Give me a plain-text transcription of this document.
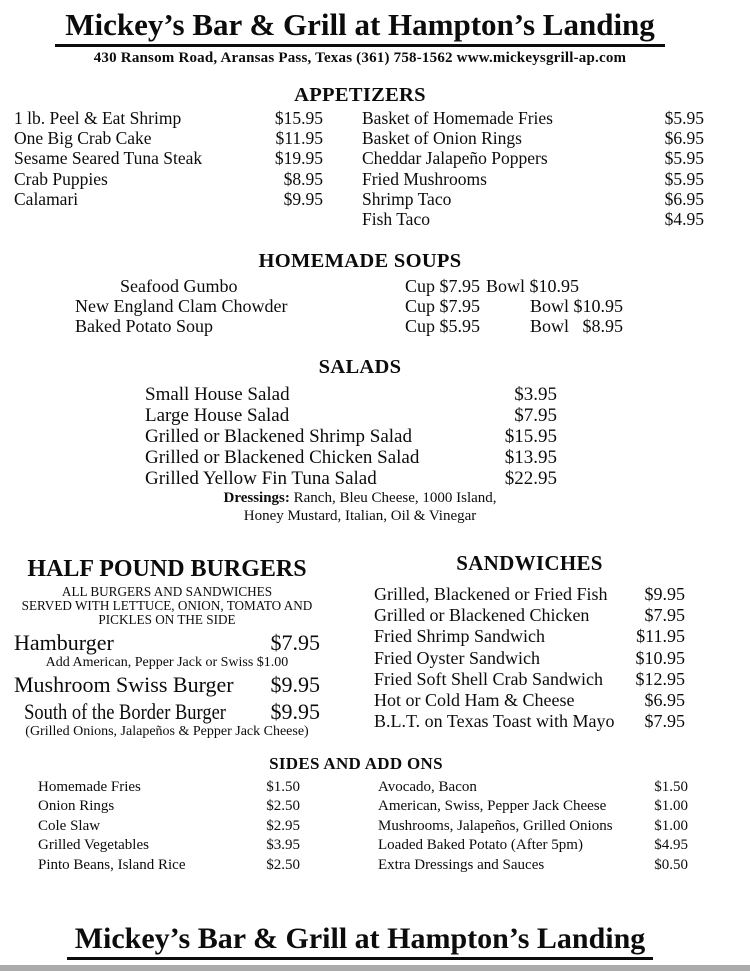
Mickey’s Bar & Grill at Hampton’s Landing
430 Ransom Road, Aransas Pass, Texas (361) 758-1562 www.mickeysgrill-ap.com
APPETIZERS
1 lb. Peel & Eat Shrimp	$15.95
One Big Crab Cake	$11.95
Sesame Seared Tuna Steak	$19.95
Crab Puppies	$8.95
Calamari	$9.95
Basket of Homemade Fries	$5.95
Basket of Onion Rings	$6.95
Cheddar Jalapeño Poppers	$5.95
Fried Mushrooms	$5.95
Shrimp Taco	$6.95
Fish Taco	$4.95
HOMEMADE SOUPS
Seafood Gumbo	Cup $7.95 Bowl $10.95
New England Clam Chowder	Cup $7.95	Bowl $10.95
Baked Potato Soup	Cup $5.95	Bowl   $8.95
SALADS
Small House Salad	$3.95
Large House Salad	$7.95
Grilled or Blackened Shrimp Salad	$15.95
Grilled or Blackened Chicken Salad	$13.95
Grilled Yellow Fin Tuna Salad	$22.95
Dressings: Ranch, Bleu Cheese, 1000 Island,
Honey Mustard, Italian, Oil & Vinegar
HALF POUND BURGERS
ALL BURGERS AND SANDWICHES
SERVED WITH LETTUCE, ONION, TOMATO AND
PICKLES ON THE SIDE
Hamburger	$7.95
Add American, Pepper Jack or Swiss $1.00
Mushroom Swiss Burger $9.95
South of the Border Burger $9.95
(Grilled Onions, Jalapeños & Pepper Jack Cheese)
SANDWICHES
Grilled, Blackened or Fried Fish $9.95
Grilled or Blackened Chicken	$7.95
Fried Shrimp Sandwich	$11.95
Fried Oyster Sandwich	$10.95
Fried Soft Shell Crab Sandwich $12.95
Hot or Cold Ham & Cheese	$6.95
B.L.T. on Texas Toast with Mayo $7.95
SIDES AND ADD ONS
Homemade Fries	$1.50
Onion Rings	$2.50
Cole Slaw	$2.95
Grilled Vegetables	$3.95
Pinto Beans, Island Rice	$2.50
Avocado, Bacon	$1.50
American, Swiss, Pepper Jack Cheese	$1.00
Mushrooms, Jalapeños, Grilled Onions	$1.00
Loaded Baked Potato (After 5pm)	$4.95
Extra Dressings and Sauces	$0.50
Mickey’s Bar & Grill at Hampton’s Landing
